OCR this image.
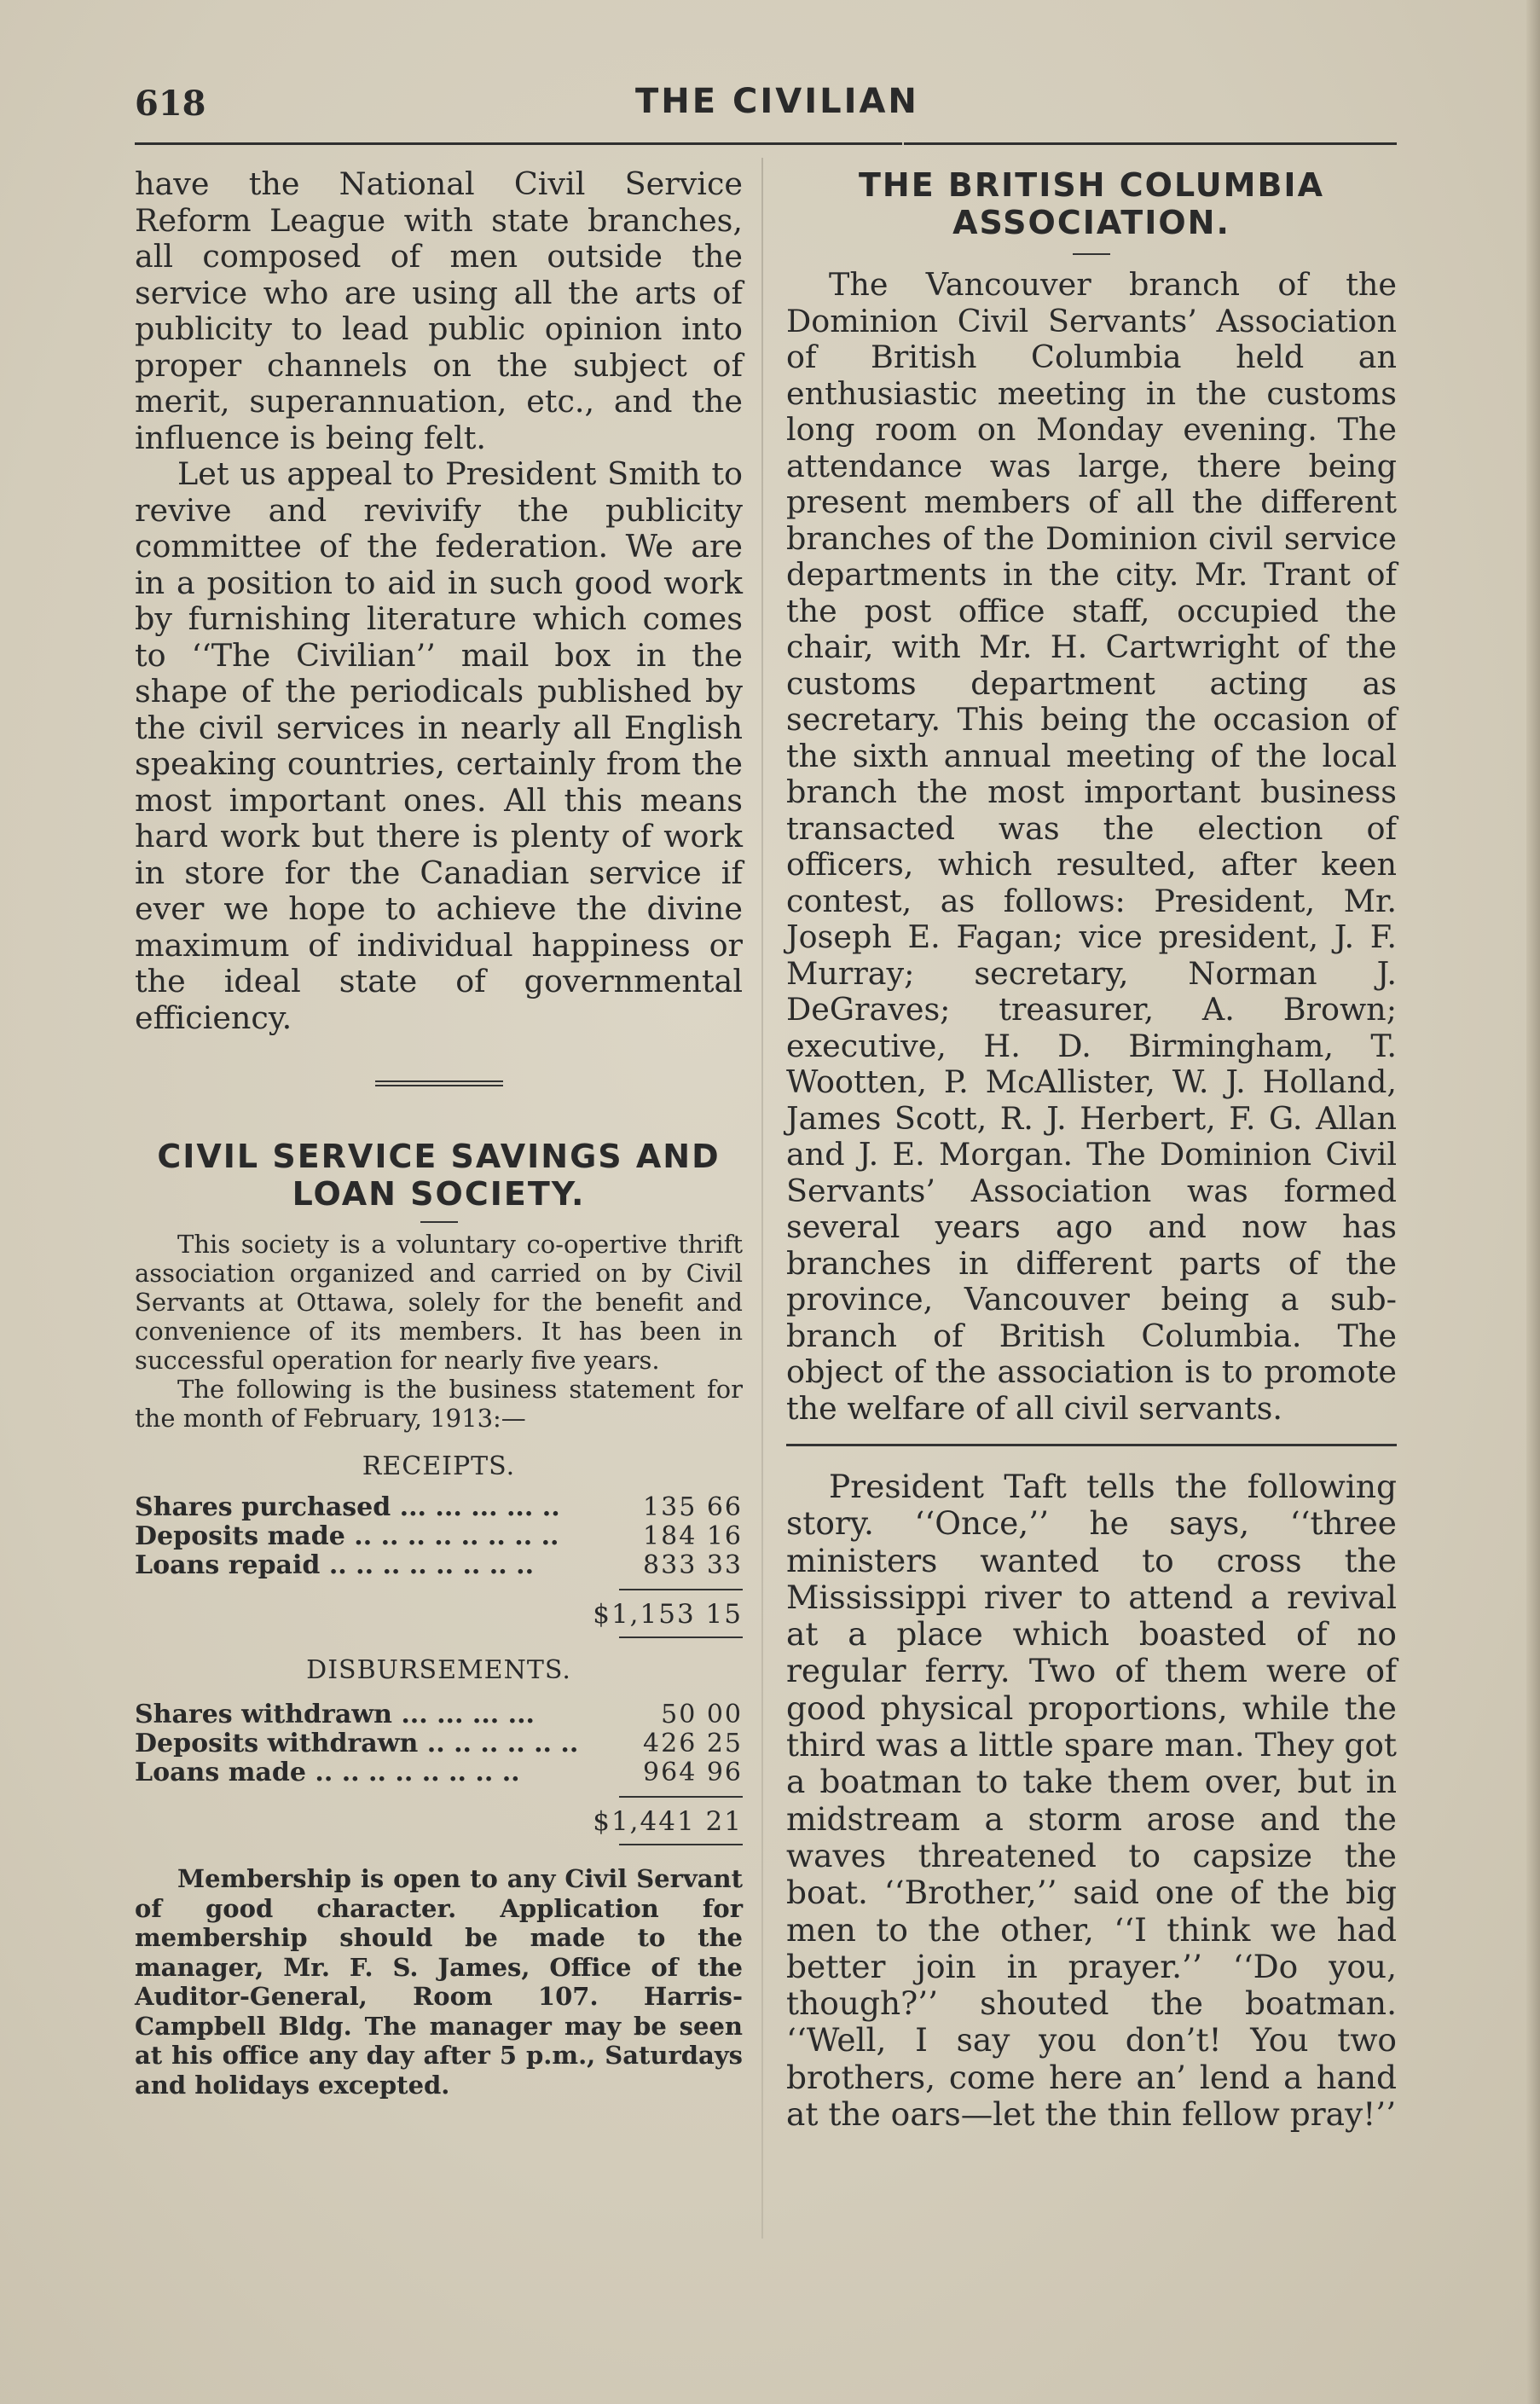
618	THE CIVILIAN

have the National Civil Service Reform League with state branches, all composed of men outside the service who are using all the arts of publicity to lead public opinion into proper channels on the subject of merit, superannuation, etc., and the influence is being felt.

Let us appeal to President Smith to revive and revivify the publicity committee of the federation. We are in a position to aid in such good work by furnishing literature which comes to ‘‘The Civilian’’ mail box in the shape of the periodicals published by the civil services in nearly all English speaking countries, certainly from the most important ones. All this means hard work but there is plenty of work in store for the Canadian service if ever we hope to achieve the divine maximum of individual happiness or the ideal state of governmental efficiency.

CIVIL SERVICE SAVINGS AND LOAN SOCIETY.

This society is a voluntary co-opertive thrift association organized and carried on by Civil Servants at Ottawa, solely for the benefit and convenience of its members. It has been in successful operation for nearly five years.

The following is the business statement for the month of February, 1913:—

RECEIPTS.

Shares purchased ... ... ... ... ..	135 66
Deposits made .. .. .. .. .. .. .. ..	184 16
Loans repaid .. .. .. .. .. .. .. ..	833 33
$1,153 15

DISBURSEMENTS.

Shares withdrawn ... ... ... ...	50 00
Deposits withdrawn .. .. .. .. .. ..	426 25
Loans made .. .. .. .. .. .. .. ..	964 96
$1,441 21

Membership is open to any Civil Servant of good character. Application for membership should be made to the manager, Mr. F. S. James, Office of the Auditor-General, Room 107. Harris-Campbell Bldg. The manager may be seen at his office any day after 5 p.m., Saturdays and holidays excepted.

THE BRITISH COLUMBIA ASSOCIATION.

The Vancouver branch of the Dominion Civil Servants’ Association of British Columbia held an enthusiastic meeting in the customs long room on Monday evening. The attendance was large, there being present members of all the different branches of the Dominion civil service departments in the city. Mr. Trant of the post office staff, occupied the chair, with Mr. H. Cartwright of the customs department acting as secretary. This being the occasion of the sixth annual meeting of the local branch the most important business transacted was the election of officers, which resulted, after keen contest, as follows: President, Mr. Joseph E. Fagan; vice president, J. F. Murray; secretary, Norman J. DeGraves; treasurer, A. Brown; executive, H. D. Birmingham, T. Wootten, P. McAllister, W. J. Holland, James Scott, R. J. Herbert, F. G. Allan and J. E. Morgan. The Dominion Civil Servants’ Association was formed several years ago and now has branches in different parts of the province, Vancouver being a sub-branch of British Columbia. The object of the association is to promote the welfare of all civil servants.

President Taft tells the following story. ‘‘Once,’’ he says, ‘‘three ministers wanted to cross the Mississippi river to attend a revival at a place which boasted of no regular ferry. Two of them were of good physical proportions, while the third was a little spare man. They got a boatman to take them over, but in midstream a storm arose and the waves threatened to capsize the boat. ‘‘Brother,’’ said one of the big men to the other, ‘‘I think we had better join in prayer.’’ ‘‘Do you, though?’’ shouted the boatman. ‘‘Well, I say you don’t! You two brothers, come here an’ lend a hand at the oars—let the thin fellow pray!’’
